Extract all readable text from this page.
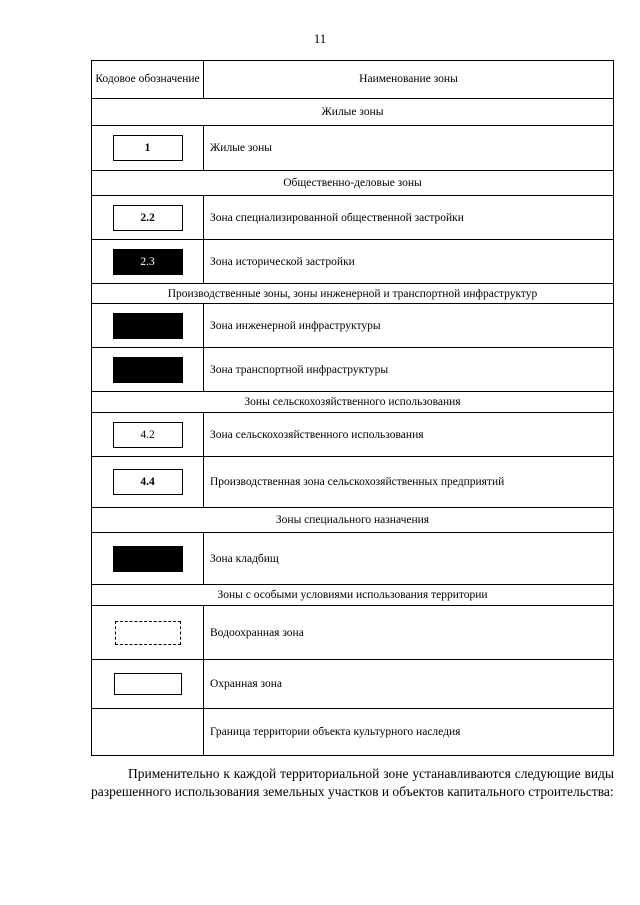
11
Кодовое обозначение	Наименование зоны
Жилые зоны	
1	Жилые зоны
Общественно-деловые зоны	
2.2	Зона специализированной общественной застройки
2.3	Зона исторической застройки
Производственные зоны, зоны инженерной и транспортной инфраструктур	
	Зона инженерной инфраструктуры
	Зона транспортной инфраструктуры
Зоны сельскохозяйственного использования	
4.2	Зона сельскохозяйственного использования
4.4	Производственная зона сельскохозяйственных предприятий
Зоны специального назначения	
	Зона кладбищ
Зоны с особыми условиями использования территории	
	Водоохранная зона
	Охранная зона
	Граница территории объекта культурного наследия
Применительно к каждой территориальной зоне устанавливаются следующие виды разрешенного использования земельных участков и объектов капитального строительства:
